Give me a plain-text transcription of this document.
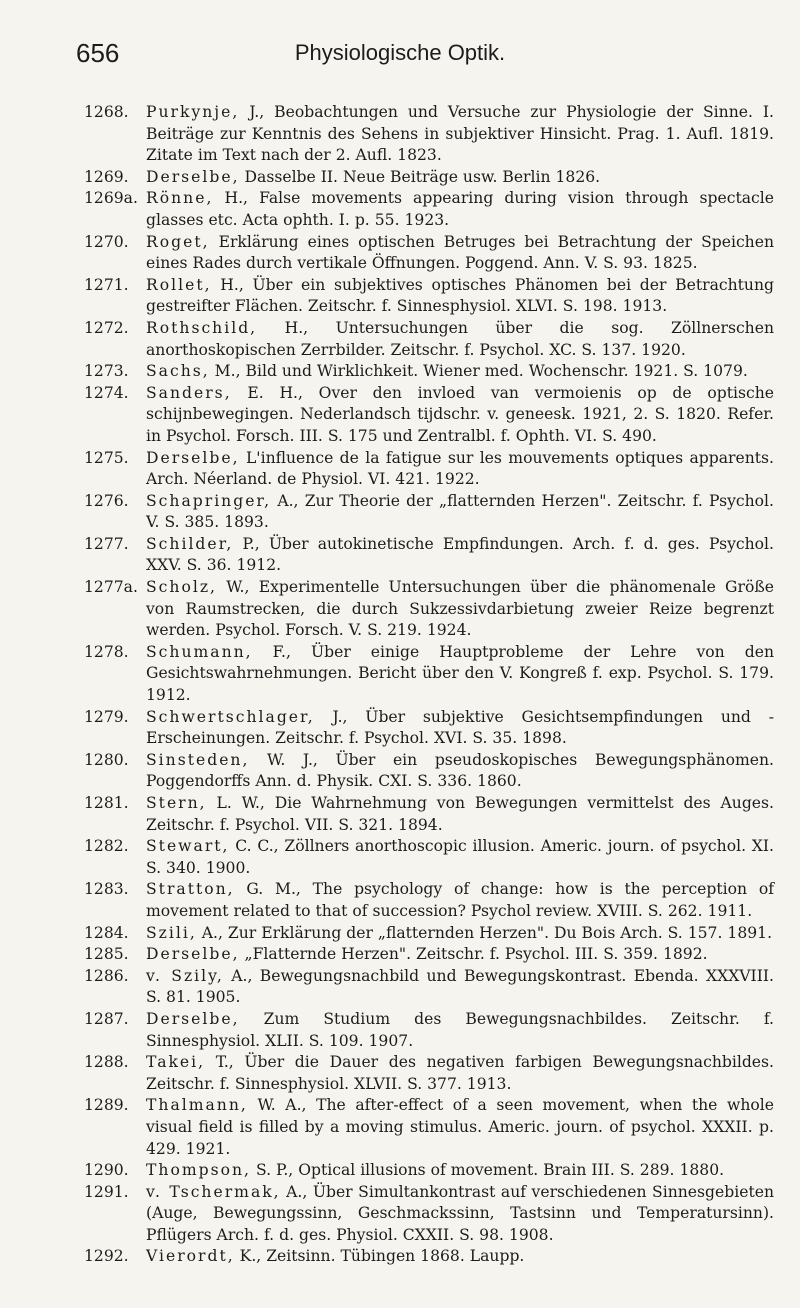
656	Physiologische Optik.
1268.	Purkynje, J., Beobachtungen und Versuche zur Physiologie der Sinne. I. Beiträge zur Kenntnis des Sehens in subjektiver Hinsicht. Prag. 1. Aufl. 1819. Zitate im Text nach der 2. Aufl. 1823.
1269.	Derselbe, Dasselbe II. Neue Beiträge usw. Berlin 1826.
1269a. Rönne, H., False movements appearing during vision through spectacle glasses etc. Acta ophth. I. p. 55. 1923.
1270.	Roget, Erklärung eines optischen Betruges bei Betrachtung der Speichen eines Rades durch vertikale Öffnungen. Poggend. Ann. V. S. 93. 1825.
1271.	Rollet, H., Über ein subjektives optisches Phänomen bei der Betrachtung gestreifter Flächen. Zeitschr. f. Sinnesphysiol. XLVI. S. 198. 1913.
1272.	Rothschild, H., Untersuchungen über die sog. Zöllnerschen anorthoskopischen Zerrbilder. Zeitschr. f. Psychol. XC. S. 137. 1920.
1273.	Sachs, M., Bild und Wirklichkeit. Wiener med. Wochenschr. 1921. S. 1079.
1274.	Sanders, E. H., Over den invloed van vermoienis op de optische schijnbewegingen. Nederlandsch tijdschr. v. geneesk. 1921, 2. S. 1820. Refer. in Psychol. Forsch. III. S. 175 und Zentralbl. f. Ophth. VI. S. 490.
1275.	Derselbe, L'influence de la fatigue sur les mouvements optiques apparents. Arch. Néerland. de Physiol. VI. 421. 1922.
1276.	Schapringer, A., Zur Theorie der „flatternden Herzen". Zeitschr. f. Psychol. V. S. 385. 1893.
1277.	Schilder, P., Über autokinetische Empfindungen. Arch. f. d. ges. Psychol. XXV. S. 36. 1912.
1277a. Scholz, W., Experimentelle Untersuchungen über die phänomenale Größe von Raumstrecken, die durch Sukzessivdarbietung zweier Reize begrenzt werden. Psychol. Forsch. V. S. 219. 1924.
1278.	Schumann, F., Über einige Hauptprobleme der Lehre von den Gesichtswahrnehmungen. Bericht über den V. Kongreß f. exp. Psychol. S. 179. 1912.
1279.	Schwertschlager, J., Über subjektive Gesichtsempfindungen und -Erscheinungen. Zeitschr. f. Psychol. XVI. S. 35. 1898.
1280.	Sinsteden, W. J., Über ein pseudoskopisches Bewegungsphänomen. Poggendorffs Ann. d. Physik. CXI. S. 336. 1860.
1281.	Stern, L. W., Die Wahrnehmung von Bewegungen vermittelst des Auges. Zeitschr. f. Psychol. VII. S. 321. 1894.
1282.	Stewart, C. C., Zöllners anorthoscopic illusion. Americ. journ. of psychol. XI. S. 340. 1900.
1283.	Stratton, G. M., The psychology of change: how is the perception of movement related to that of succession? Psychol review. XVIII. S. 262. 1911.
1284.	Szili, A., Zur Erklärung der „flatternden Herzen". Du Bois Arch. S. 157. 1891.
1285.	Derselbe, „Flatternde Herzen". Zeitschr. f. Psychol. III. S. 359. 1892.
1286.	v. Szily, A., Bewegungsnachbild und Bewegungskontrast. Ebenda. XXXVIII. S. 81. 1905.
1287.	Derselbe, Zum Studium des Bewegungsnachbildes. Zeitschr. f. Sinnesphysiol. XLII. S. 109. 1907.
1288.	Takei, T., Über die Dauer des negativen farbigen Bewegungsnachbildes. Zeitschr. f. Sinnesphysiol. XLVII. S. 377. 1913.
1289.	Thalmann, W. A., The after-effect of a seen movement, when the whole visual field is filled by a moving stimulus. Americ. journ. of psychol. XXXII. p. 429. 1921.
1290.	Thompson, S. P., Optical illusions of movement. Brain III. S. 289. 1880.
1291.	v. Tschermak, A., Über Simultankontrast auf verschiedenen Sinnesgebieten (Auge, Bewegungssinn, Geschmackssinn, Tastsinn und Temperatursinn). Pflügers Arch. f. d. ges. Physiol. CXXII. S. 98. 1908.
1292.	Vierordt, K., Zeitsinn. Tübingen 1868. Laupp.
